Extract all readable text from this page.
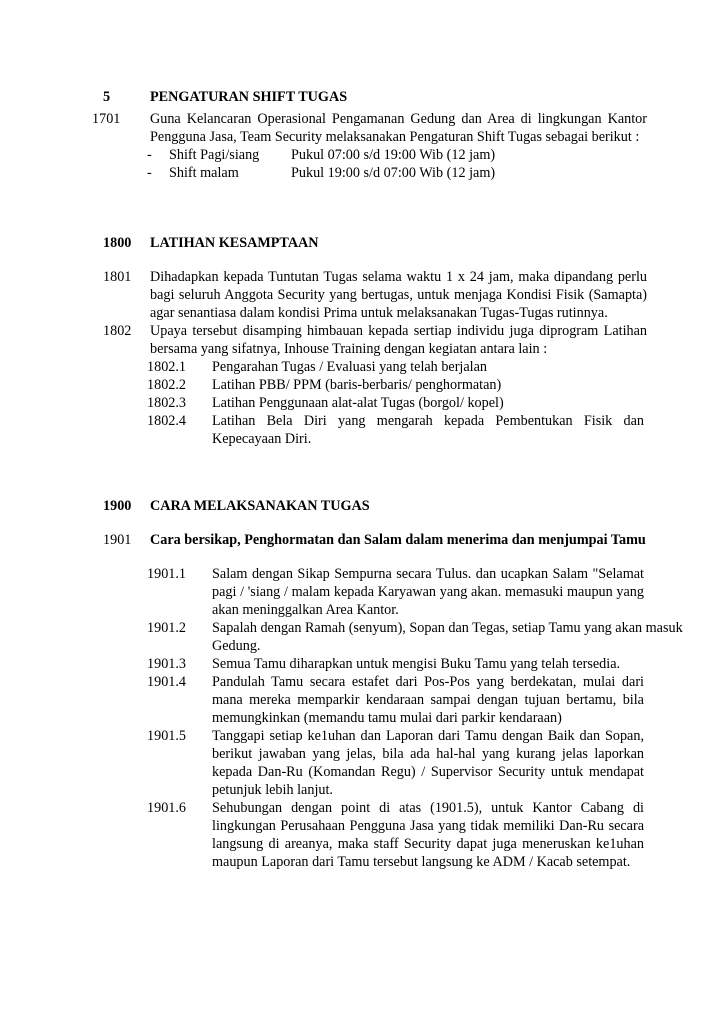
5	PENGATURAN SHIFT TUGAS
1701	Guna Kelancaran Operasional Pengamanan Gedung dan Area di lingkungan Kantor Pengguna Jasa, Team Security melaksanakan Pengaturan Shift Tugas sebagai berikut :
-	Shift Pagi/siang	Pukul 07:00 s/d 19:00 Wib (12 jam)
-	Shift malam	Pukul 19:00 s/d 07:00 Wib (12 jam)
1800	LATIHAN KESAMPTAAN
1801	Dihadapkan kepada Tuntutan Tugas selama waktu 1 x 24 jam, maka dipandang perlu bagi seluruh Anggota Security yang bertugas, untuk menjaga Kondisi Fisik (Samapta) agar senantiasa dalam kondisi Prima untuk melaksanakan Tugas-Tugas rutinnya.
1802	Upaya tersebut disamping himbauan kepada sertiap individu juga diprogram Latihan bersama yang sifatnya, Inhouse Training dengan kegiatan antara lain :
1802.1	Pengarahan Tugas / Evaluasi yang telah berjalan
1802.2	Latihan PBB/ PPM (baris-berbaris/ penghormatan)
1802.3	Latihan Penggunaan alat-alat Tugas (borgol/ kopel)
1802.4	Latihan Bela Diri yang mengarah kepada Pembentukan Fisik dan Kepecayaan Diri.
1900	CARA MELAKSANAKAN TUGAS
1901	Cara bersikap, Penghormatan dan Salam dalam menerima dan menjumpai Tamu
1901.1	Salam dengan Sikap Sempurna secara Tulus. dan ucapkan Salam "Selamat pagi / 'siang / malam kepada Karyawan yang akan. memasuki maupun yang akan meninggalkan Area Kantor.
1901.2	Sapalah dengan Ramah (senyum), Sopan dan Tegas, setiap Tamu yang akan masuk Gedung.
1901.3	Semua Tamu diharapkan untuk mengisi Buku Tamu yang telah tersedia.
1901.4	Pandulah Tamu secara estafet dari Pos-Pos yang berdekatan, mulai dari mana mereka memparkir kendaraan sampai dengan tujuan bertamu, bila memungkinkan (memandu tamu mulai dari parkir kendaraan)
1901.5	Tanggapi setiap ke1uhan dan Laporan dari Tamu dengan Baik dan Sopan, berikut jawaban yang jelas, bila ada hal-hal yang kurang jelas laporkan kepada Dan-Ru (Komandan Regu) / Supervisor Security untuk mendapat petunjuk lebih lanjut.
1901.6	Sehubungan dengan point di atas (1901.5), untuk Kantor Cabang di lingkungan Perusahaan Pengguna Jasa yang tidak memiliki Dan-Ru secara langsung di areanya, maka staff Security dapat juga meneruskan ke1uhan maupun Laporan dari Tamu tersebut langsung ke ADM / Kacab setempat.
